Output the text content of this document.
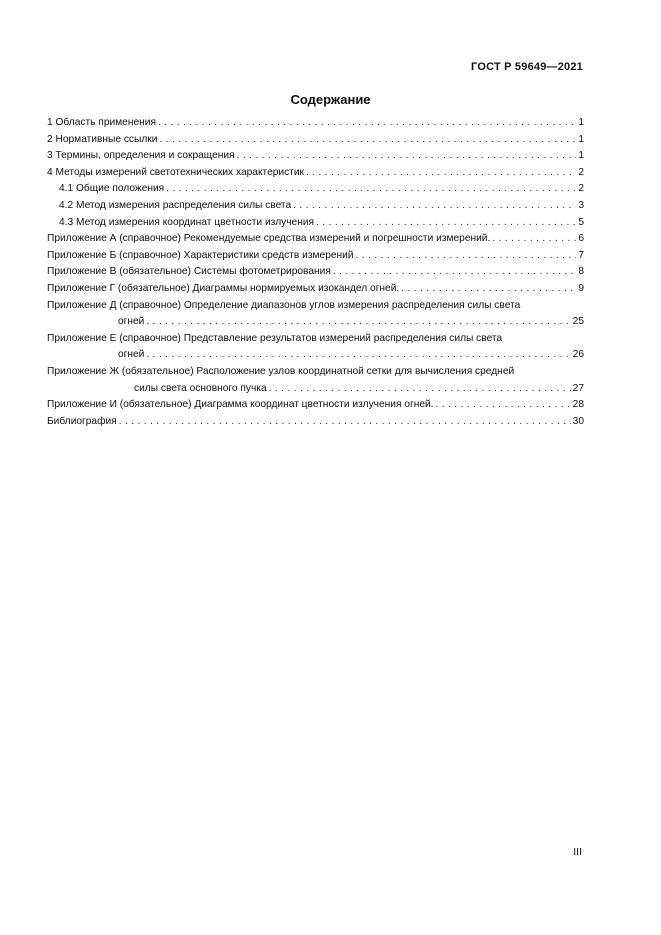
ГОСТ Р 59649—2021
Содержание
1 Область применения . . .	1
2 Нормативные ссылки . . .	1
3 Термины, определения и сокращения . . .	1
4 Методы измерений светотехнических характеристик . . .	2
4.1 Общие положения . . .	2
4.2 Метод измерения распределения силы света . . .	3
4.3 Метод измерения координат цветности излучения . . .	5
Приложение А (справочное) Рекомендуемые средства измерений и погрешности измерений. . . .	6
Приложение Б (справочное) Характеристики средств измерений . . .	7
Приложение В (обязательное) Системы фотометрирования . . .	8
Приложение Г (обязательное) Диаграммы нормируемых изокандел огней. . . .	9
Приложение Д (справочное) Определение диапазонов углов измерения распределения силы света
огней . . .	25
Приложение Е (справочное) Представление результатов измерений распределения силы света
огней . . .	26
Приложение Ж (обязательное) Расположение узлов координатной сетки для вычисления средней
силы света основного пучка . . .	27
Приложение И (обязательное) Диаграмма координат цветности излучения огней. . . .	28
Библиография . . .	30
III
